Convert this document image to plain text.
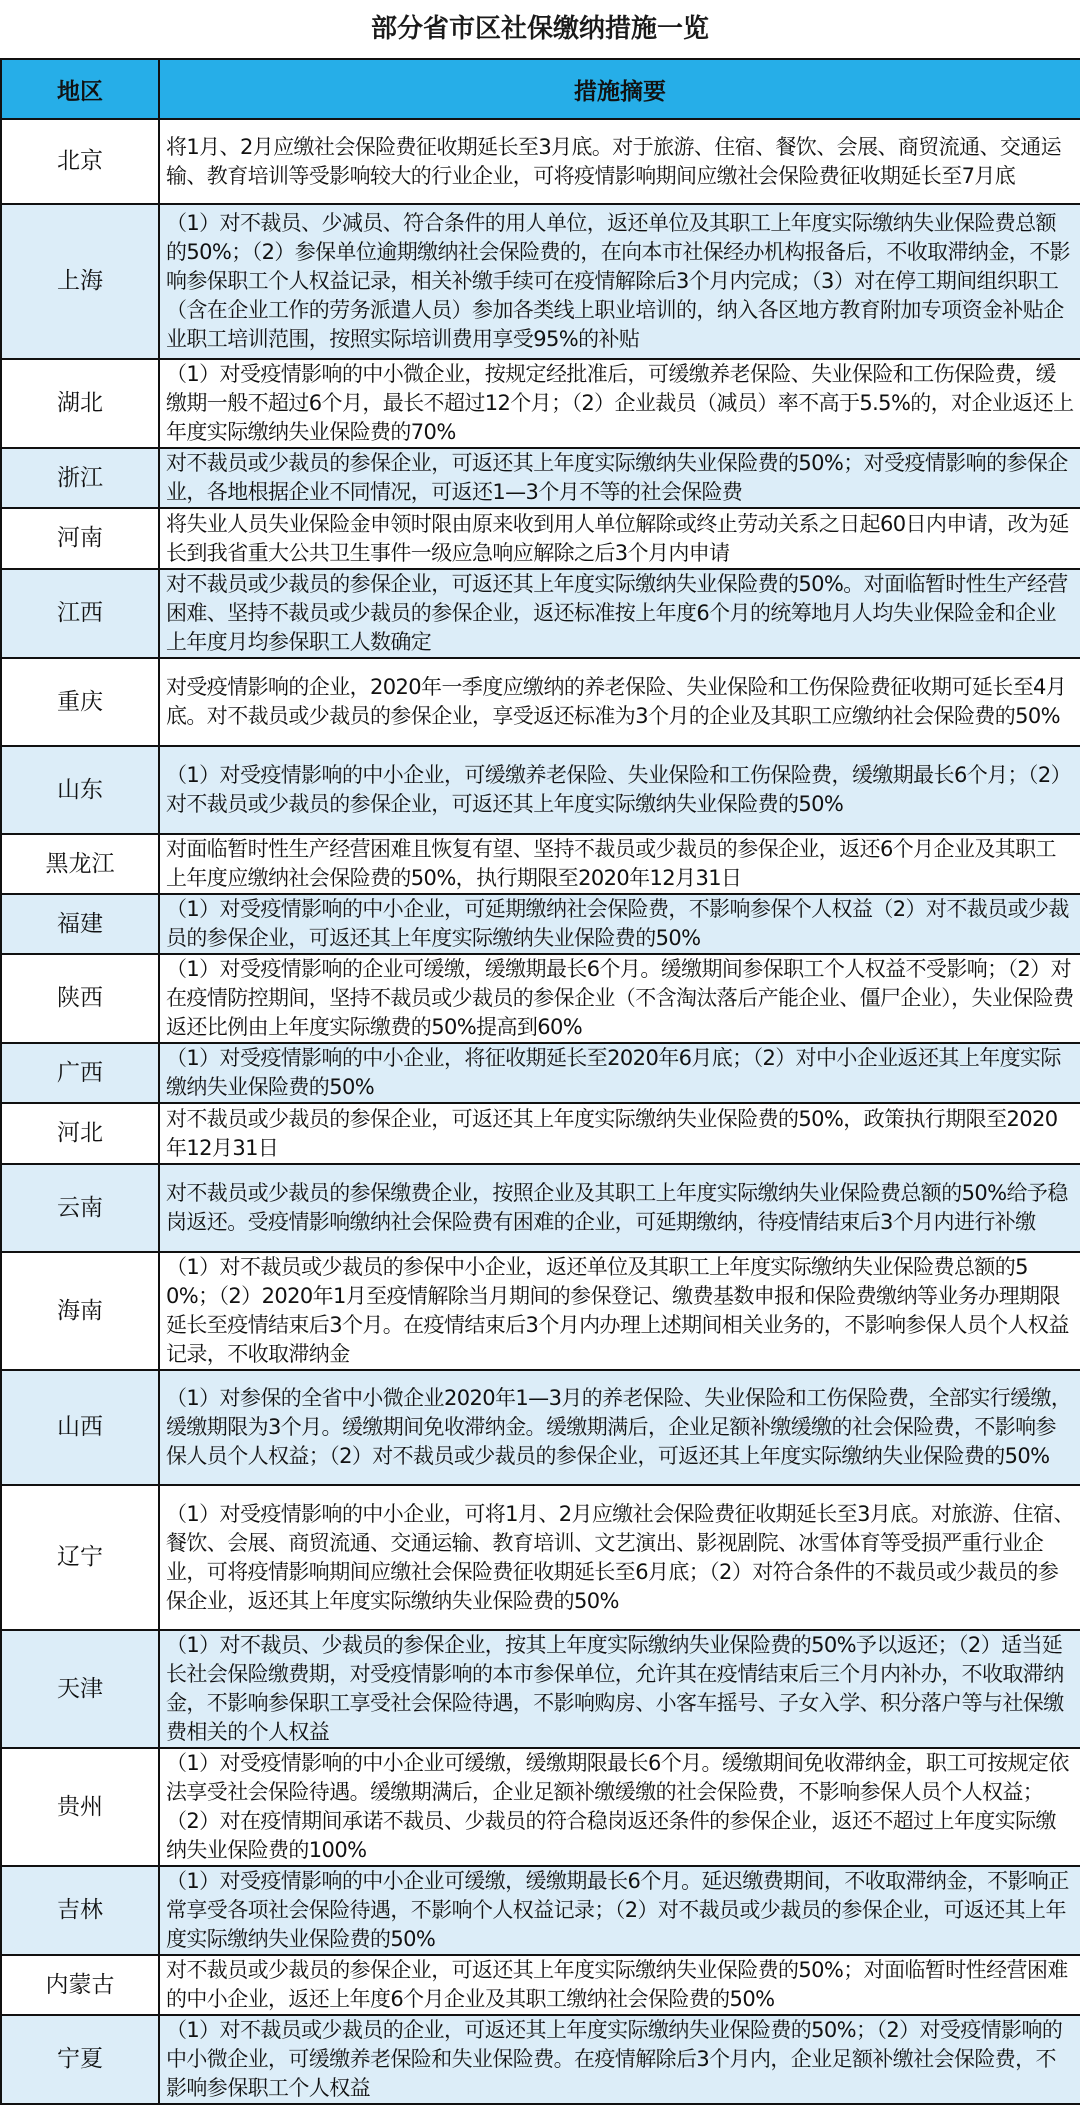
部分省市区社保缴纳措施一览
地区	措施摘要
北京	将1月、2月应缴社会保险费征收期延长至3月底。对于旅游、住宿、餐饮、会展、商贸流通、交通运输、教育培训等受影响较大的行业企业，可将疫情影响期间应缴社会保险费征收期延长至7月底
上海	（1）对不裁员、少减员、符合条件的用人单位，返还单位及其职工上年度实际缴纳失业保险费总额的50%；（2）参保单位逾期缴纳社会保险费的，在向本市社保经办机构报备后，不收取滞纳金，不影响参保职工个人权益记录，相关补缴手续可在疫情解除后3个月内完成；（3）对在停工期间组织职工（含在企业工作的劳务派遣人员）参加各类线上职业培训的，纳入各区地方教育附加专项资金补贴企业职工培训范围，按照实际培训费用享受95%的补贴
湖北	（1）对受疫情影响的中小微企业，按规定经批准后，可缓缴养老保险、失业保险和工伤保险费，缓缴期一般不超过6个月，最长不超过12个月；（2）企业裁员（减员）率不高于5.5%的，对企业返还上年度实际缴纳失业保险费的70%
浙江	对不裁员或少裁员的参保企业，可返还其上年度实际缴纳失业保险费的50%；对受疫情影响的参保企业，各地根据企业不同情况，可返还1—3个月不等的社会保险费
河南	将失业人员失业保险金申领时限由原来收到用人单位解除或终止劳动关系之日起60日内申请，改为延长到我省重大公共卫生事件一级应急响应解除之后3个月内申请
江西	对不裁员或少裁员的参保企业，可返还其上年度实际缴纳失业保险费的50%。对面临暂时性生产经营困难、坚持不裁员或少裁员的参保企业，返还标准按上年度6个月的统筹地月人均失业保险金和企业上年度月均参保职工人数确定
重庆	对受疫情影响的企业，2020年一季度应缴纳的养老保险、失业保险和工伤保险费征收期可延长至4月底。对不裁员或少裁员的参保企业，享受返还标准为3个月的企业及其职工应缴纳社会保险费的50%
山东	（1）对受疫情影响的中小企业，可缓缴养老保险、失业保险和工伤保险费，缓缴期最长6个月；（2）对不裁员或少裁员的参保企业，可返还其上年度实际缴纳失业保险费的50%
黑龙江	对面临暂时性生产经营困难且恢复有望、坚持不裁员或少裁员的参保企业，返还6个月企业及其职工上年度应缴纳社会保险费的50%，执行期限至2020年12月31日
福建	（1）对受疫情影响的中小企业，可延期缴纳社会保险费，不影响参保个人权益（2）对不裁员或少裁员的参保企业，可返还其上年度实际缴纳失业保险费的50%
陕西	（1）对受疫情影响的企业可缓缴，缓缴期最长6个月。缓缴期间参保职工个人权益不受影响；（2）对在疫情防控期间，坚持不裁员或少裁员的参保企业（不含淘汰落后产能企业、僵尸企业），失业保险费返还比例由上年度实际缴费的50%提高到60%
广西	（1）对受疫情影响的中小企业，将征收期延长至2020年6月底；（2）对中小企业返还其上年度实际缴纳失业保险费的50%
河北	对不裁员或少裁员的参保企业，可返还其上年度实际缴纳失业保险费的50%，政策执行期限至2020年12月31日
云南	对不裁员或少裁员的参保缴费企业，按照企业及其职工上年度实际缴纳失业保险费总额的50%给予稳岗返还。受疫情影响缴纳社会保险费有困难的企业，可延期缴纳，待疫情结束后3个月内进行补缴
海南	（1）对不裁员或少裁员的参保中小企业，返还单位及其职工上年度实际缴纳失业保险费总额的50%；（2）2020年1月至疫情解除当月期间的参保登记、缴费基数申报和保险费缴纳等业务办理期限延长至疫情结束后3个月。在疫情结束后3个月内办理上述期间相关业务的，不影响参保人员个人权益记录，不收取滞纳金
山西	（1）对参保的全省中小微企业2020年1—3月的养老保险、失业保险和工伤保险费，全部实行缓缴，缓缴期限为3个月。缓缴期间免收滞纳金。缓缴期满后，企业足额补缴缓缴的社会保险费，不影响参保人员个人权益；（2）对不裁员或少裁员的参保企业，可返还其上年度实际缴纳失业保险费的50%
辽宁	（1）对受疫情影响的中小企业，可将1月、2月应缴社会保险费征收期延长至3月底。对旅游、住宿、餐饮、会展、商贸流通、交通运输、教育培训、文艺演出、影视剧院、冰雪体育等受损严重行业企业，可将疫情影响期间应缴社会保险费征收期延长至6月底；（2）对符合条件的不裁员或少裁员的参保企业，返还其上年度实际缴纳失业保险费的50%
天津	（1）对不裁员、少裁员的参保企业，按其上年度实际缴纳失业保险费的50%予以返还；（2）适当延长社会保险缴费期，对受疫情影响的本市参保单位，允许其在疫情结束后三个月内补办，不收取滞纳金，不影响参保职工享受社会保险待遇，不影响购房、小客车摇号、子女入学、积分落户等与社保缴费相关的个人权益
贵州	（1）对受疫情影响的中小企业可缓缴，缓缴期限最长6个月。缓缴期间免收滞纳金，职工可按规定依法享受社会保险待遇。缓缴期满后，企业足额补缴缓缴的社会保险费，不影响参保人员个人权益；（2）对在疫情期间承诺不裁员、少裁员的符合稳岗返还条件的参保企业，返还不超过上年度实际缴纳失业保险费的100%
吉林	（1）对受疫情影响的中小企业可缓缴，缓缴期最长6个月。延迟缴费期间，不收取滞纳金，不影响正常享受各项社会保险待遇，不影响个人权益记录；（2）对不裁员或少裁员的参保企业，可返还其上年度实际缴纳失业保险费的50%
内蒙古	对不裁员或少裁员的参保企业，可返还其上年度实际缴纳失业保险费的50%；对面临暂时性经营困难的中小企业，返还上年度6个月企业及其职工缴纳社会保险费的50%
宁夏	（1）对不裁员或少裁员的企业，可返还其上年度实际缴纳失业保险费的50%；（2）对受疫情影响的中小微企业，可缓缴养老保险和失业保险费。在疫情解除后3个月内，企业足额补缴社会保险费，不影响参保职工个人权益
